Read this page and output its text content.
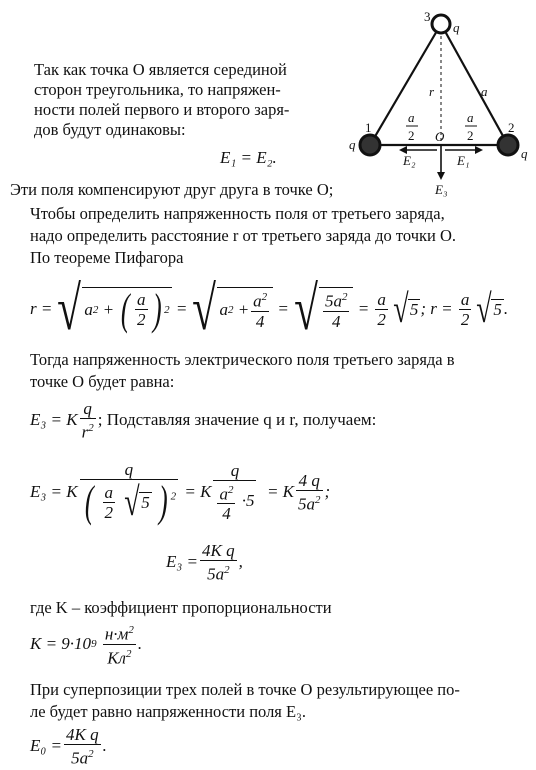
Так как точка O является серединой
сторон треугольника, то напряжен-
ности полей первого и второго заря-
дов будут одинаковы:
E₁ = E₂.
3
q
r	a
1	2
q
q
a
2
a
2
O
E₂	E₁
E₃
Эти поля компенсируют друг друга в точке O;
Чтобы определить напряженность поля от третьего заряда,
надо определить расстояние r от третьего заряда до точки O.
По теореме Пифагора
r = √ a 2 + ( $\frac{a}{2}$ ) 2
= √ a 2
+ $\frac{a^2}{4}$
= √ $\frac{5a^2}{4}$
=
$\frac{a}{2}$ √ 5 ; r =
$\frac{a}{2}$ √ 5 .
Тогда напряженность электрического поля третьего заряда в
точке O будет равна:
E₃ = K $\frac{q}{r^2}$ ; Подставляя значение q и r, получаем:
E₃ = K $\frac{q}{( \frac{a}{2} √5 ) ^2}$
= K $\frac{q}{\frac{a^2}{4} \cdot 5}$
= K $\frac{4 q}{5a^2}$ ;
$E_3 = \frac{\text{4K q}}{5a^2}$ ,
где K – коэффициент пропорциональности
K = 9·10 9
$\frac{н\cdot м^2}{Кл^2}$ .
При суперпозиции трех полей в точке O результирующее по-
ле будет равно напряженности поля E₃.
$E_0 = \frac{\text{4K q}}{5a^2}$ .
